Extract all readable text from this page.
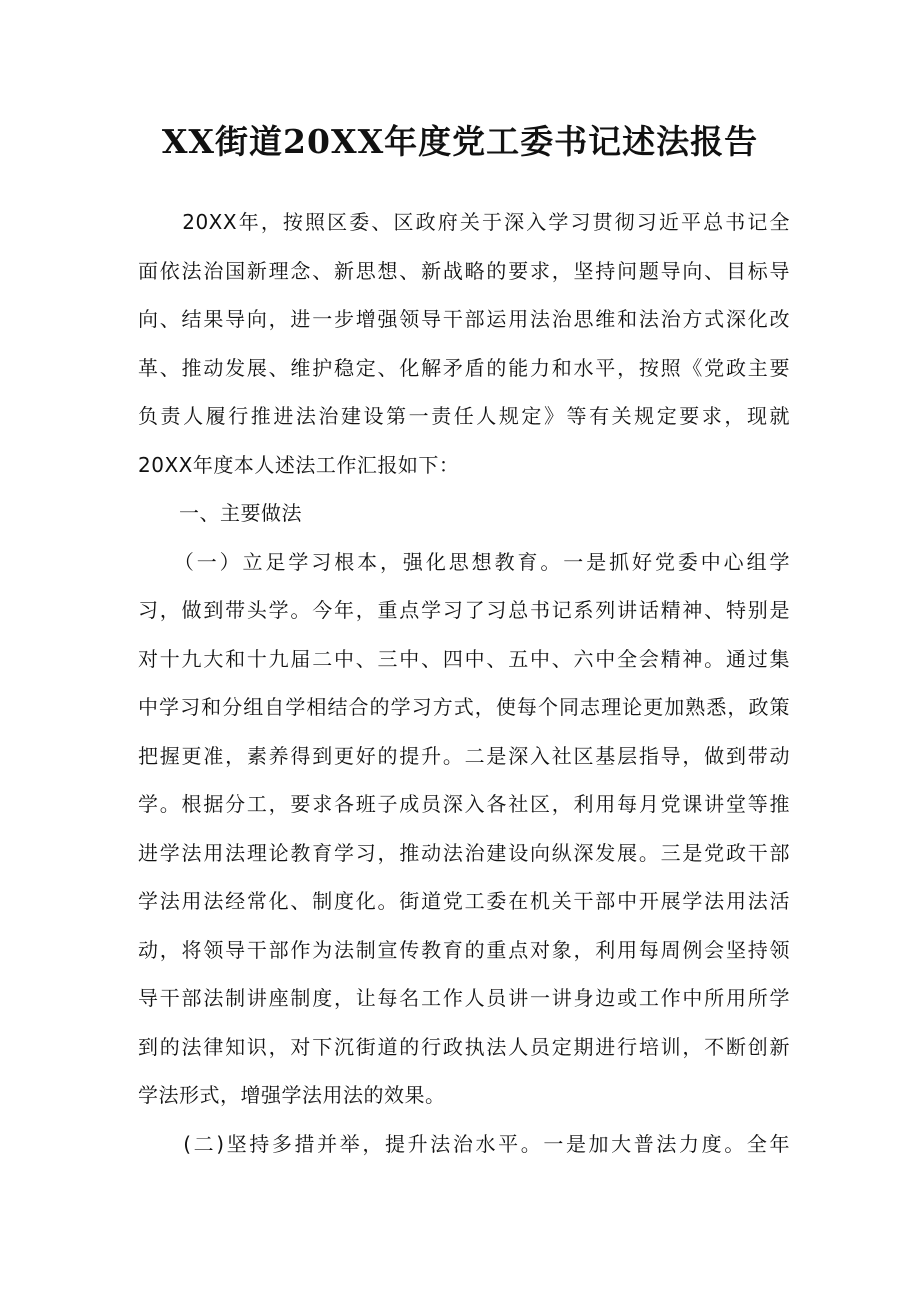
XX街道20XX年度党工委书记述法报告
　　20XX年，按照区委、区政府关于深入学习贯彻习近平总书记全
面依法治国新理念、新思想、新战略的要求，坚持问题导向、目标导
向、结果导向，进一步增强领导干部运用法治思维和法治方式深化改
革、推动发展、维护稳定、化解矛盾的能力和水平，按照《党政主要
负责人履行推进法治建设第一责任人规定》等有关规定要求，现就
20XX年度本人述法工作汇报如下：
　　一、主要做法
　　（一）立足学习根本，强化思想教育。一是抓好党委中心组学
习，做到带头学。今年，重点学习了习总书记系列讲话精神、特别是
对十九大和十九届二中、三中、四中、五中、六中全会精神。通过集
中学习和分组自学相结合的学习方式，使每个同志理论更加熟悉，政策
把握更准，素养得到更好的提升。二是深入社区基层指导，做到带动
学。根据分工，要求各班子成员深入各社区，利用每月党课讲堂等推
进学法用法理论教育学习，推动法治建设向纵深发展。三是党政干部
学法用法经常化、制度化。街道党工委在机关干部中开展学法用法活
动，将领导干部作为法制宣传教育的重点对象，利用每周例会坚持领
导干部法制讲座制度，让每名工作人员讲一讲身边或工作中所用所学
到的法律知识，对下沉街道的行政执法人员定期进行培训，不断创新
学法形式，增强学法用法的效果。
　　(二)坚持多措并举，提升法治水平。一是加大普法力度。全年
